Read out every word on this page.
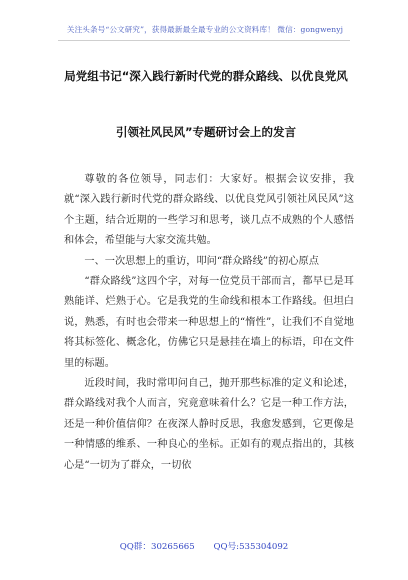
关注头条号“公文研究”，获得最新最全最专业的公文资料库！ 微信：gongwenyj
局党组书记“深入践行新时代党的群众路线、以优良党风
引领社风民风”专题研讨会上的发言

尊敬的各位领导，同志们：大家好。根据会议安排，我就“深入践行新时代党的群众路线、以优良党风引领社风民风”这个主题，结合近期的一些学习和思考，谈几点不成熟的个人感悟和体会，希望能与大家交流共勉。

一、一次思想上的重访，叩问“群众路线”的初心原点

“群众路线”这四个字，对每一位党员干部而言，都早已是耳熟能详、烂熟于心。它是我党的生命线和根本工作路线。但坦白说，熟悉，有时也会带来一种思想上的“惰性”，让我们不自觉地将其标签化、概念化，仿佛它只是悬挂在墙上的标语，印在文件里的标题。

近段时间，我时常叩问自己，抛开那些标准的定义和论述，群众路线对我个人而言，究竟意味着什么？它是一种工作方法，还是一种价值信仰？在夜深人静时反思，我愈发感到，它更像是一种情感的维系、一种良心的坐标。正如有的观点指出的，其核心是“一切为了群众，一切依

QQ群：30265665 QQ号:535304092
